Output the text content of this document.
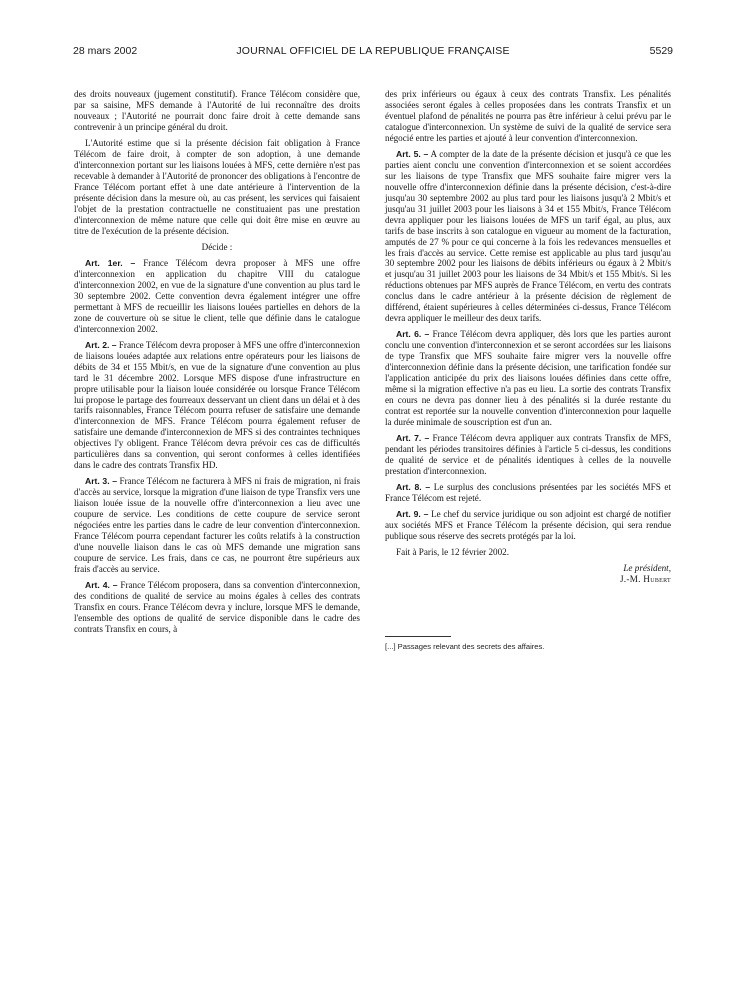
28 mars 2002	JOURNAL OFFICIEL DE LA REPUBLIQUE FRANÇAISE	5529

des droits nouveaux (jugement constitutif). France Télécom considère que, par sa saisine, MFS demande à l'Autorité de lui reconnaître des droits nouveaux ; l'Autorité ne pourrait donc faire droit à cette demande sans contrevenir à un principe général du droit.

L'Autorité estime que si la présente décision fait obligation à France Télécom de faire droit, à compter de son adoption, à une demande d'interconnexion portant sur les liaisons louées à MFS, cette dernière n'est pas recevable à demander à l'Autorité de prononcer des obligations à l'encontre de France Télécom portant effet à une date antérieure à l'intervention de la présente décision dans la mesure où, au cas présent, les services qui faisaient l'objet de la prestation contractuelle ne constituaient pas une prestation d'interconnexion de même nature que celle qui doit être mise en œuvre au titre de l'exécution de la présente décision.

Décide :

Art. 1er. – France Télécom devra proposer à MFS une offre d'interconnexion en application du chapitre VIII du catalogue d'interconnexion 2002, en vue de la signature d'une convention au plus tard le 30 septembre 2002. Cette convention devra également intégrer une offre permettant à MFS de recueillir les liaisons louées partielles en dehors de la zone de couverture où se situe le client, telle que définie dans le catalogue d'interconnexion 2002.

Art. 2. – France Télécom devra proposer à MFS une offre d'interconnexion de liaisons louées adaptée aux relations entre opérateurs pour les liaisons de débits de 34 et 155 Mbit/s, en vue de la signature d'une convention au plus tard le 31 décembre 2002. Lorsque MFS dispose d'une infrastructure en propre utilisable pour la liaison louée considérée ou lorsque France Télécom lui propose le partage des fourreaux desservant un client dans un délai et à des tarifs raisonnables, France Télécom pourra refuser de satisfaire une demande d'interconnexion de MFS. France Télécom pourra également refuser de satisfaire une demande d'interconnexion de MFS si des contraintes techniques objectives l'y obligent. France Télécom devra prévoir ces cas de difficultés particulières dans sa convention, qui seront conformes à celles identifiées dans le cadre des contrats Transfix HD.

Art. 3. – France Télécom ne facturera à MFS ni frais de migration, ni frais d'accès au service, lorsque la migration d'une liaison de type Transfix vers une liaison louée issue de la nouvelle offre d'interconnexion a lieu avec une coupure de service. Les conditions de cette coupure de service seront négociées entre les parties dans le cadre de leur convention d'interconnexion. France Télécom pourra cependant facturer les coûts relatifs à la construction d'une nouvelle liaison dans le cas où MFS demande une migration sans coupure de service. Les frais, dans ce cas, ne pourront être supérieurs aux frais d'accès au service.

Art. 4. – France Télécom proposera, dans sa convention d'interconnexion, des conditions de qualité de service au moins égales à celles des contrats Transfix en cours. France Télécom devra y inclure, lorsque MFS le demande, l'ensemble des options de qualité de service disponible dans le cadre des contrats Transfix en cours, à

des prix inférieurs ou égaux à ceux des contrats Transfix. Les pénalités associées seront égales à celles proposées dans les contrats Transfix et un éventuel plafond de pénalités ne pourra pas être inférieur à celui prévu par le catalogue d'interconnexion. Un système de suivi de la qualité de service sera négocié entre les parties et ajouté à leur convention d'interconnexion.

Art. 5. – A compter de la date de la présente décision et jusqu'à ce que les parties aient conclu une convention d'interconnexion et se soient accordées sur les liaisons de type Transfix que MFS souhaite faire migrer vers la nouvelle offre d'interconnexion définie dans la présente décision, c'est-à-dire jusqu'au 30 septembre 2002 au plus tard pour les liaisons jusqu'à 2 Mbit/s et jusqu'au 31 juillet 2003 pour les liaisons à 34 et 155 Mbit/s, France Télécom devra appliquer pour les liaisons louées de MFS un tarif égal, au plus, aux tarifs de base inscrits à son catalogue en vigueur au moment de la facturation, amputés de 27 % pour ce qui concerne à la fois les redevances mensuelles et les frais d'accès au service. Cette remise est applicable au plus tard jusqu'au 30 septembre 2002 pour les liaisons de débits inférieurs ou égaux à 2 Mbit/s et jusqu'au 31 juillet 2003 pour les liaisons de 34 Mbit/s et 155 Mbit/s. Si les réductions obtenues par MFS auprès de France Télécom, en vertu des contrats conclus dans le cadre antérieur à la présente décision de règlement de différend, étaient supérieures à celles déterminées ci-dessus, France Télécom devra appliquer le meilleur des deux tarifs.

Art. 6. – France Télécom devra appliquer, dès lors que les parties auront conclu une convention d'interconnexion et se seront accordées sur les liaisons de type Transfix que MFS souhaite faire migrer vers la nouvelle offre d'interconnexion définie dans la présente décision, une tarification fondée sur l'application anticipée du prix des liaisons louées définies dans cette offre, même si la migration effective n'a pas eu lieu. La sortie des contrats Transfix en cours ne devra pas donner lieu à des pénalités si la durée restante du contrat est reportée sur la nouvelle convention d'interconnexion pour laquelle la durée minimale de souscription est d'un an.

Art. 7. – France Télécom devra appliquer aux contrats Transfix de MFS, pendant les périodes transitoires définies à l'article 5 ci-dessus, les conditions de qualité de service et de pénalités identiques à celles de la nouvelle prestation d'interconnexion.

Art. 8. – Le surplus des conclusions présentées par les sociétés MFS et France Télécom est rejeté.

Art. 9. – Le chef du service juridique ou son adjoint est chargé de notifier aux sociétés MFS et France Télécom la présente décision, qui sera rendue publique sous réserve des secrets protégés par la loi.

Fait à Paris, le 12 février 2002.

Le président,

J.-M. Hubert

[...] Passages relevant des secrets des affaires.
